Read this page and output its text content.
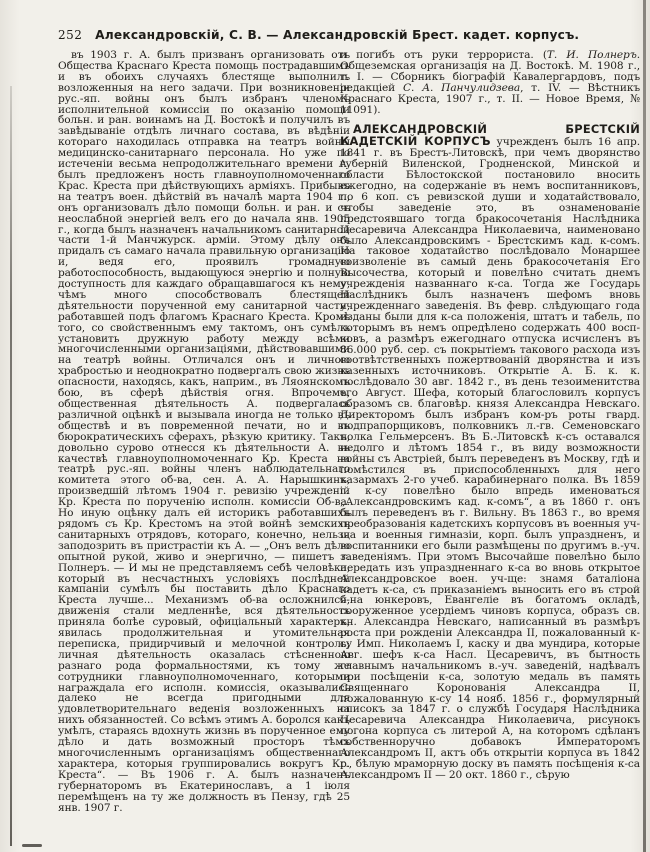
252	Александровскій, С. В. — Александровскій Брест. кадет. корпусъ.

въ 1903 г. А. былъ призванъ организовать отъ Общества Краснаго Креста помощь пострадавшимъ и въ обоихъ случаяхъ блестяще выполнилъ возложенныя на него задачи. При возникновеніи рус.-яп. войны онъ былъ избранъ членомъ исполнительной комиссіи по оказанію помощи больн. и ран. воинамъ на Д. Востокѣ и получилъ въ завѣдываніе отдѣлъ личнаго состава, въ вѣдѣніи котораго находилась отправка на театръ войны медицинско-санитарнаго персонала. Но уже по истеченіи весьма непродолжительнаго времени А. былъ предложенъ ность главноуполномоченнаго Крас. Креста при дѣйствующихъ арміяхъ. Прибывъ на театръ воен. дѣйствій въ началѣ марта 1904 г., онъ организовалъ дѣло помощи больн. и ран. и съ неослабной энергіей велъ его до начала янв. 1905 г., когда былъ назначенъ начальникомъ санитарной части 1-й Манчжурск. арміи. Этому дѣлу онъ придалъ съ самаго начала правильную организацію и, ведя его, проявилъ громадную работоспособность, выдающуюся энергію и полную доступность для каждаго обращавшагося къ нему, чѣмъ много способствовалъ блестящей дѣятельности порученной ему санитарной части, работавшей подъ флагомъ Краснаго Креста. Кромѣ того, со свойственнымъ ему тактомъ, онъ сумѣлъ установить дружную работу между всѣми многочисленными организаціями, дѣйствовавшими на театрѣ войны. Отличался онъ и личною храбростью и неоднократно подвергалъ свою жизнь опасности, находясь, какъ, наприм., въ Ляоянскомъ бою, въ сферѣ дѣйствія огня. Впрочемъ, общественная дѣятельность А. подвергалась различной оцѣнкѣ и вызывала иногда не только въ обществѣ и въ повременной печати, но и въ бюрократическихъ сферахъ, рѣзкую критику. Такъ, довольно сурово отнесся къ дѣятельности А. въ качествѣ главноуполномоченнаго Кр. Креста на театрѣ рус.-яп. войны членъ наблюдательнаго комитета этого об-ва, сен. А. А. Нарышкинъ, произведшій лѣтомъ 1904 г. ревизію учрежденій Кр. Креста по порученію исполн. комиссіи Об-ва. Но иную оцѣнку далъ ей историкъ работавшихъ рядомъ съ Кр. Крестомъ на этой войнѣ земскихъ санитарныхъ отрядовъ, котораго, конечно, нельзя заподозрить въ пристрастіи къ А. — „Онъ велъ дѣло опытной рукой, живо и энергично, — пишетъ г. Полнеръ. — И мы не представляемъ себѣ человѣка, который въ несчастныхъ условіяхъ послѣдней кампаніи сумѣлъ бы поставить дѣло Краснаго Креста лучше... Механизмъ об-ва осложнился, движенія стали медленнѣе, вся дѣятельность приняла болѣе суровый, офиціальный характеръ, явилась продолжительная и утомительная переписка, придирчивый и мелочной контроль; личная дѣятельность оказалась стѣсненною разнаго рода формальностями, къ тому же сотрудники главноуполномоченнаго, которыми награждала его исполн. комиссія, оказывались далеко не всегда пригодными для удовлетворительнаго веденія возложенныхъ на нихъ обязанностей. Со всѣмъ этимъ А. боролся какъ умѣлъ, стараясь вдохнуть жизнь въ порученное ему дѣло и дать возможный просторъ тѣмъ многочисленнымъ организаціямъ общественнаго характера, которыя группировались вокругъ Кр. Креста“. — Въ 1906 г. А. былъ назначенъ губернаторомъ въ Екатеринославъ, а 1 іюля перемѣщенъ на ту же должность въ Пензу, гдѣ 25 янв. 1907 г.

и погибъ отъ руки террориста. (Т. И. Полнеръ. Общеземская организація на Д. Востокѣ. М. 1908 г., т. I. — Сборникъ біографій Кавалергардовъ, подъ редакціей С. А. Панчулидзева, т. IV. — Вѣстникъ Краснаго Креста, 1907 г., т. II. — Новое Время, № 11091).

АЛЕКСАНДРОВСКІЙ БРЕСТСКІЙ КАДЕТСКІЙ КОРПУСЪ учрежденъ былъ 16 апр. 1841 г. въ Брестъ-Литовскѣ, при чемъ дворянство губерній Виленской, Гродненской, Минской и области Бѣлостокской постановило вносить ежегодно, на содержаніе въ немъ воспитанниковъ, по 6 коп. съ ревизской души и ходатайствовало, чтобы заведеніе это, въ ознаменованіе предстоявшаго тогда бракосочетанія Наслѣдника Цесаревича Александра Николаевича, наименовано было Александровскимъ - Брестскимъ кад. к-сомъ. На таковое ходатайство послѣдовало Монаршее соизволеніе въ самый день бракосочетанія Его Высочества, который и повелѣно считать днемъ учрежденія названнаго к-са. Тогда же Государь Наслѣдникъ былъ назначенъ шефомъ вновь учрежденнаго заведенія. Въ февр. слѣдующаго года изданы были для к-са положенія, штатъ и табель, по которымъ въ немъ опредѣлено содержать 400 восп-ковъ, а размѣръ ежегоднаго отпуска исчисленъ въ 86.000 руб. сер. съ покрытіемъ такового расхода изъ соотвѣтственныхъ пожертвованій дворянства и изъ казенныхъ источниковъ. Открытіе А. Б. к. к. послѣдовало 30 авг. 1842 г., въ день тезоименитства его Август. Шефа, который благословилъ корпусъ образомъ св. благовѣр. князя Александра Невскаго. Директоромъ былъ избранъ ком-ръ роты гвард. подпрапорщиковъ, полковникъ л.-гв. Семеновскаго полка Гельмерсенъ. Въ Б.-Литовскѣ к-съ оставался недолго и лѣтомъ 1854 г., въ виду возможности войны съ Австріей, былъ переведенъ въ Москву, гдѣ и помѣстился въ приспособленныхъ для него казармахъ 2-го учеб. карабинернаго полка. Въ 1859 г. к-су повелѣно было впредь именоваться „Александровскимъ кад. к-сомъ“, а въ 1860 г. онъ былъ переведенъ въ г. Вильну. Въ 1863 г., во время преобразованія кадетскихъ корпусовъ въ военныя уч-ща и военныя гимназіи, корп. былъ упраздненъ, и воспитанники его были размѣщены по другимъ в.-уч. заведеніямъ. При этомъ Высочайше повелѣно было передать изъ упраздненнаго к-са во вновь открытое Александровское воен. уч-ще: знамя баталіона кадетъ к-са, съ приказаніемъ выносить его въ строй б-на юнкеровъ, Евангеліе въ богатомъ окладѣ, сооруженное усердіемъ чиновъ корпуса, образъ св. кн. Александра Невскаго, написанный въ размѣръ роста при рожденіи Александра II, пожалованный к-су Имп. Николаемъ I, каску и два мундира, которые Авг. шефъ к-са Насл. Цесаревичъ, въ бытность главнымъ начальникомъ в.-уч. заведеній, надѣвалъ при посѣщеніи к-са, золотую медаль въ память Священнаго Коронованія Александра II, пожалованную к-су 14 нояб. 1856 г., формулярный списокъ за 1847 г. о службѣ Государя Наслѣдника Цесаревича Александра Николаевича, рисунокъ погона корпуса съ литерой А, на которомъ сдѣланъ собственноручно добавокъ Императоромъ Александромъ II, актъ объ открытіи корпуса въ 1842 г., бѣлую мраморную доску въ память посѣщенія к-са Александромъ II — 20 окт. 1860 г., сѣрую
